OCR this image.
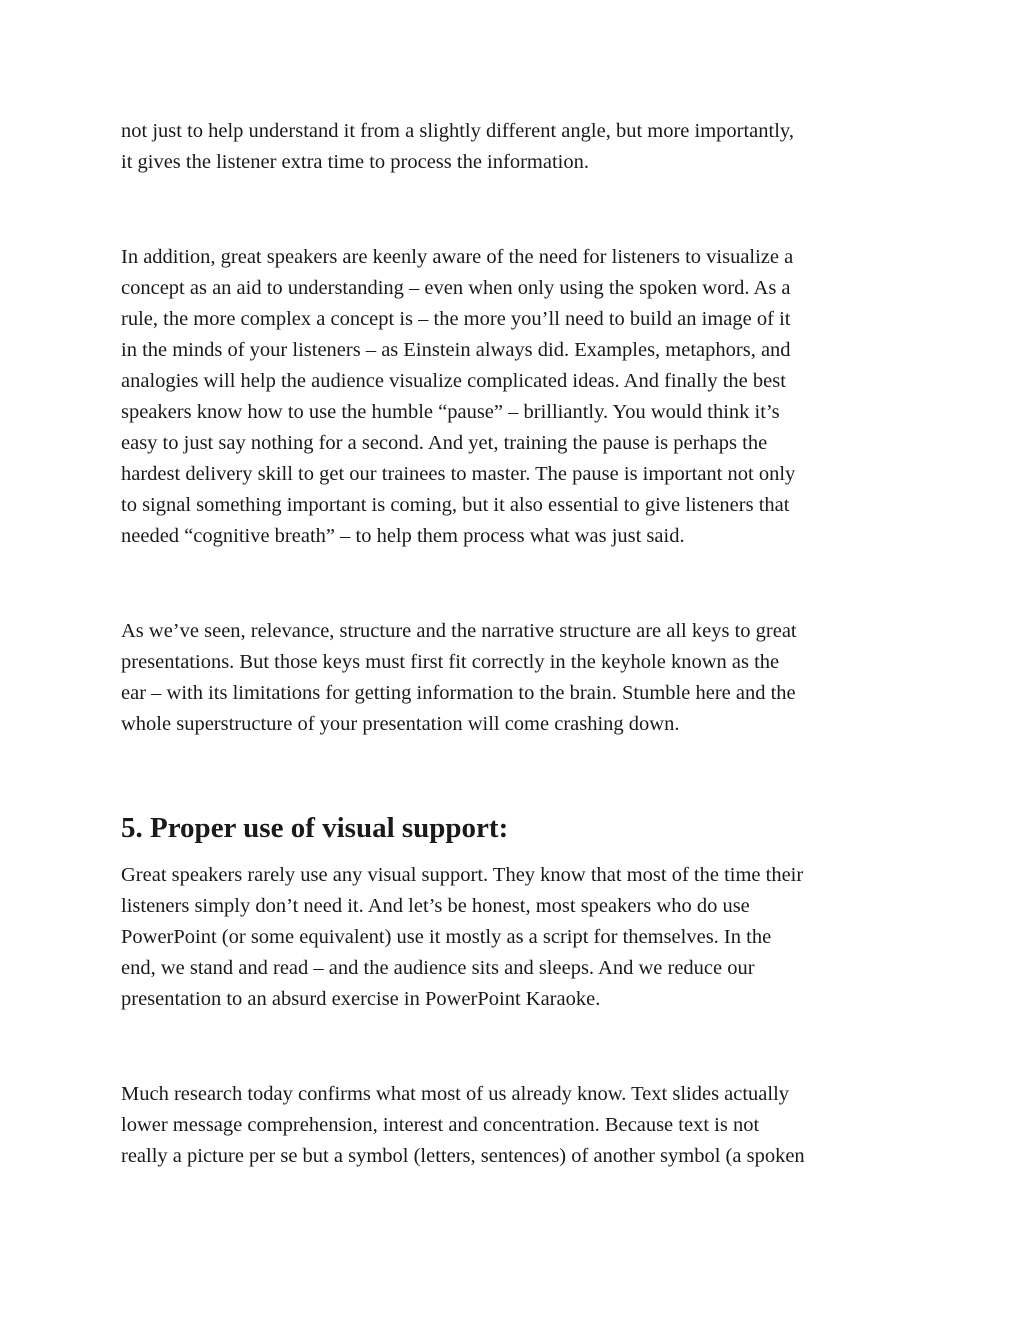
not just to help understand it from a slightly different angle, but more importantly,
it gives the listener extra time to process the information.

In addition, great speakers are keenly aware of the need for listeners to visualize a
concept as an aid to understanding – even when only using the spoken word. As a
rule, the more complex a concept is – the more you’ll need to build an image of it
in the minds of your listeners – as Einstein always did. Examples, metaphors, and
analogies will help the audience visualize complicated ideas. And finally the best
speakers know how to use the humble “pause” – brilliantly. You would think it’s
easy to just say nothing for a second. And yet, training the pause is perhaps the
hardest delivery skill to get our trainees to master. The pause is important not only
to signal something important is coming, but it also essential to give listeners that
needed “cognitive breath” – to help them process what was just said.

As we’ve seen, relevance, structure and the narrative structure are all keys to great
presentations. But those keys must first fit correctly in the keyhole known as the
ear – with its limitations for getting information to the brain. Stumble here and the
whole superstructure of your presentation will come crashing down.

5. Proper use of visual support:

Great speakers rarely use any visual support. They know that most of the time their
listeners simply don’t need it. And let’s be honest, most speakers who do use
PowerPoint (or some equivalent) use it mostly as a script for themselves. In the
end, we stand and read – and the audience sits and sleeps. And we reduce our
presentation to an absurd exercise in PowerPoint Karaoke.

Much research today confirms what most of us already know. Text slides actually
lower message comprehension, interest and concentration. Because text is not
really a picture per se but a symbol (letters, sentences) of another symbol (a spoken
